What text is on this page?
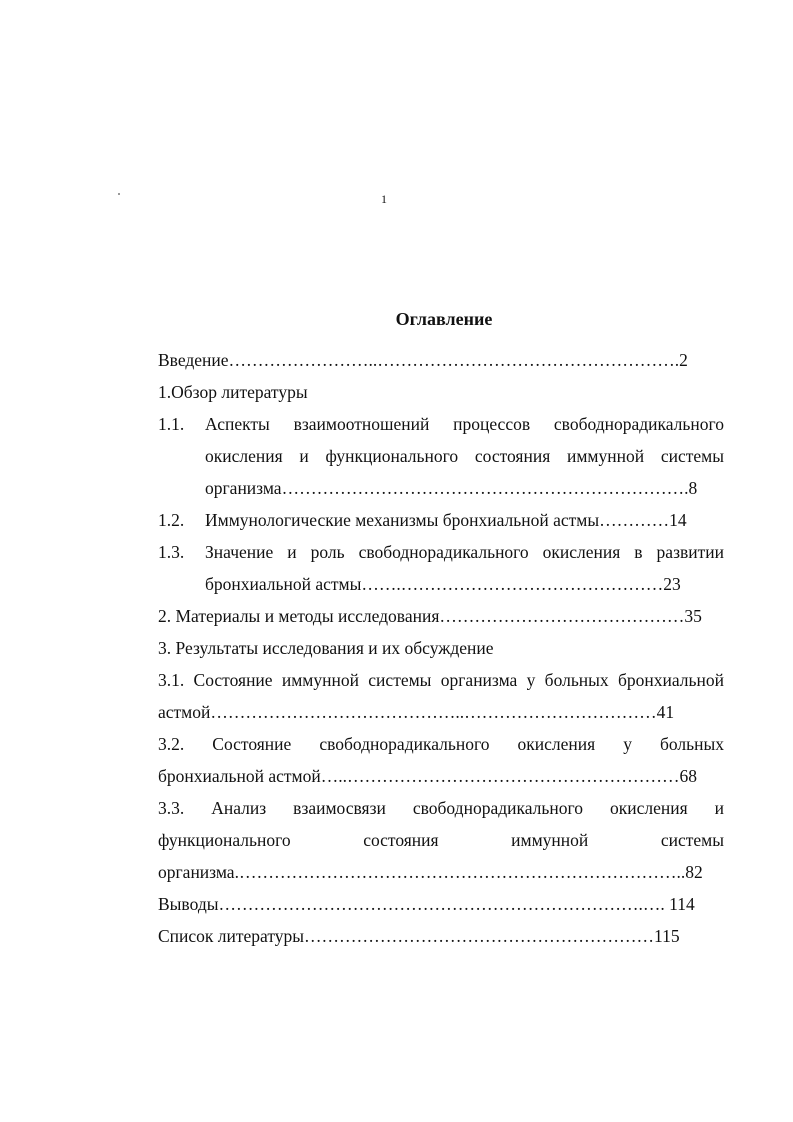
1
Оглавление
Введение……………………..…………………………………………….2
1.Обзор литературы
1.1.	Аспекты взаимоотношений процессов свободнорадикального
окисления и функционального состояния иммунной системы
организма…………………………………………………………….8
1.2.	Иммунологические механизмы бронхиальной астмы…………14
1.3.	Значение и роль свободнорадикального окисления в развитии
бронхиальной астмы…….………………………………………23
2. Материалы и методы исследования……………………………………35
3. Результаты исследования и их обсуждение
3.1. Состояние иммунной системы организма у больных бронхиальной
астмой……………………………………..……………………………41
3.2. Состояние свободнорадикального окисления у больных
бронхиальной астмой…..…………………………………………………68
3.3. Анализ взаимосвязи свободнорадикального окисления и
функционального состояния иммунной системы
организма.…………………………………………………………………..82
Выводы……………………………………………………………….…. 114
Список литературы……………………………………………………115
